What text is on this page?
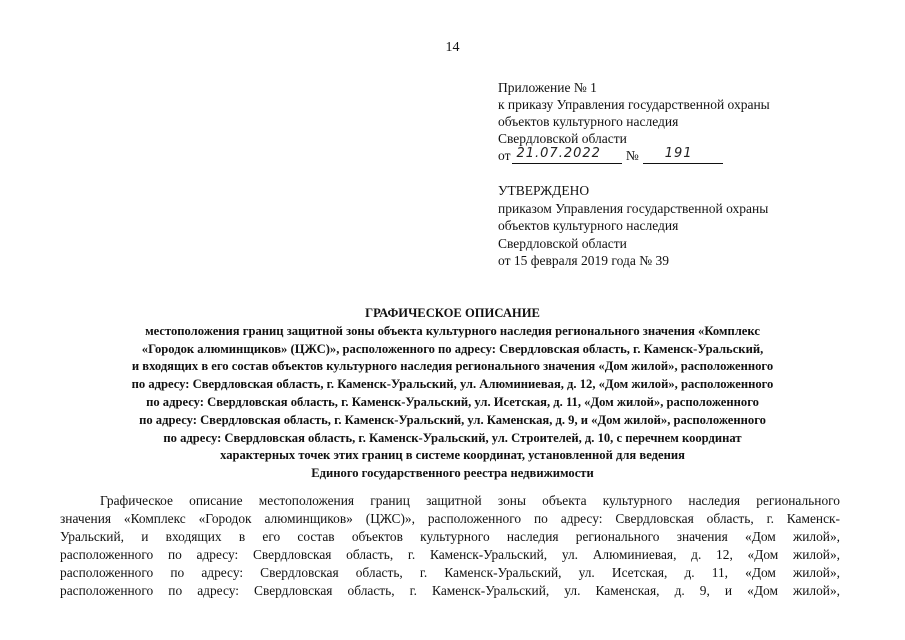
14
Приложение № 1
к приказу Управления государственной охраны
объектов культурного наследия
Свердловской области
от 21.07.2022 № 191
УТВЕРЖДЕНО
приказом Управления государственной охраны
объектов культурного наследия
Свердловской области
от 15 февраля 2019 года № 39
ГРАФИЧЕСКОЕ ОПИСАНИЕ
местоположения границ защитной зоны объекта культурного наследия регионального значения «Комплекс
«Городок алюминщиков» (ЦЖС)», расположенного по адресу: Свердловская область, г. Каменск-Уральский,
и входящих в его состав объектов культурного наследия регионального значения «Дом жилой», расположенного
по адресу: Свердловская область, г. Каменск-Уральский, ул. Алюминиевая, д. 12, «Дом жилой», расположенного
по адресу: Свердловская область, г. Каменск-Уральский, ул. Исетская, д. 11, «Дом жилой», расположенного
по адресу: Свердловская область, г. Каменск-Уральский, ул. Каменская, д. 9, и «Дом жилой», расположенного
по адресу: Свердловская область, г. Каменск-Уральский, ул. Строителей, д. 10, с перечнем координат
характерных точек этих границ в системе координат, установленной для ведения
Единого государственного реестра недвижимости
Графическое описание местоположения границ защитной зоны объекта культурного наследия регионального
значения «Комплекс «Городок алюминщиков» (ЦЖС)», расположенного по адресу: Свердловская область, г. Каменск-
Уральский, и входящих в его состав объектов культурного наследия регионального значения «Дом жилой»,
расположенного по адресу: Свердловская область, г. Каменск-Уральский, ул. Алюминиевая, д. 12, «Дом жилой»,
расположенного по адресу: Свердловская область, г. Каменск-Уральский, ул. Исетская, д. 11, «Дом жилой»,
расположенного по адресу: Свердловская область, г. Каменск-Уральский, ул. Каменская, д. 9, и «Дом жилой»,
